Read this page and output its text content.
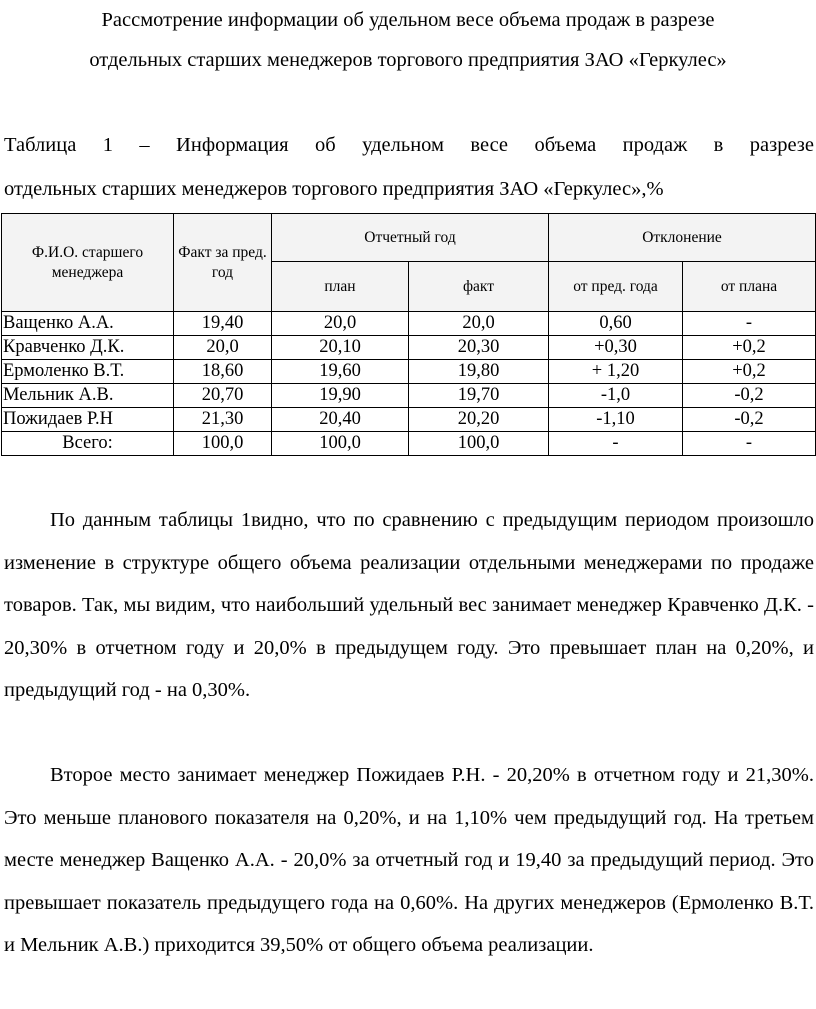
Рассмотрение информации об удельном весе объема продаж в разрезе
отдельных старших менеджеров торгового предприятия ЗАО «Геркулес»
Таблица 1 – Информация об удельном весе объема продаж в разрезе
отдельных старших менеджеров торгового предприятия ЗАО «Геркулес»,%
Ф.И.О. старшего менеджера	Факт за пред. год	Отчетный год		Отклонение	
		план	факт	от пред. года	от плана
Ващенко А.А.	19,40	20,0	20,0	0,60	-
Кравченко Д.К.	20,0	20,10	20,30	+0,30	+0,2
Ермоленко В.Т.	18,60	19,60	19,80	+ 1,20	+0,2
Мельник А.В.	20,70	19,90	19,70	-1,0	-0,2
Пожидаев Р.Н	21,30	20,40	20,20	-1,10	-0,2
Всего:	100,0	100,0	100,0	-	-

По данным таблицы 1видно, что по сравнению с предыдущим периодом произошло изменение в структуре общего объема реализации отдельными менеджерами по продаже товаров. Так, мы видим, что наибольший удельный вес занимает менеджер Кравченко Д.К. - 20,30% в отчетном году и 20,0% в предыдущем году. Это превышает план на 0,20%, и предыдущий год - на 0,30%.

Второе место занимает менеджер Пожидаев Р.Н. - 20,20% в отчетном году и 21,30%. Это меньше планового показателя на 0,20%, и на 1,10% чем предыдущий год. На третьем месте менеджер Ващенко А.А. - 20,0% за отчетный год и 19,40 за предыдущий период. Это превышает показатель предыдущего года на 0,60%. На других менеджеров (Ермоленко В.Т. и Мельник А.В.) приходится 39,50% от общего объема реализации.
